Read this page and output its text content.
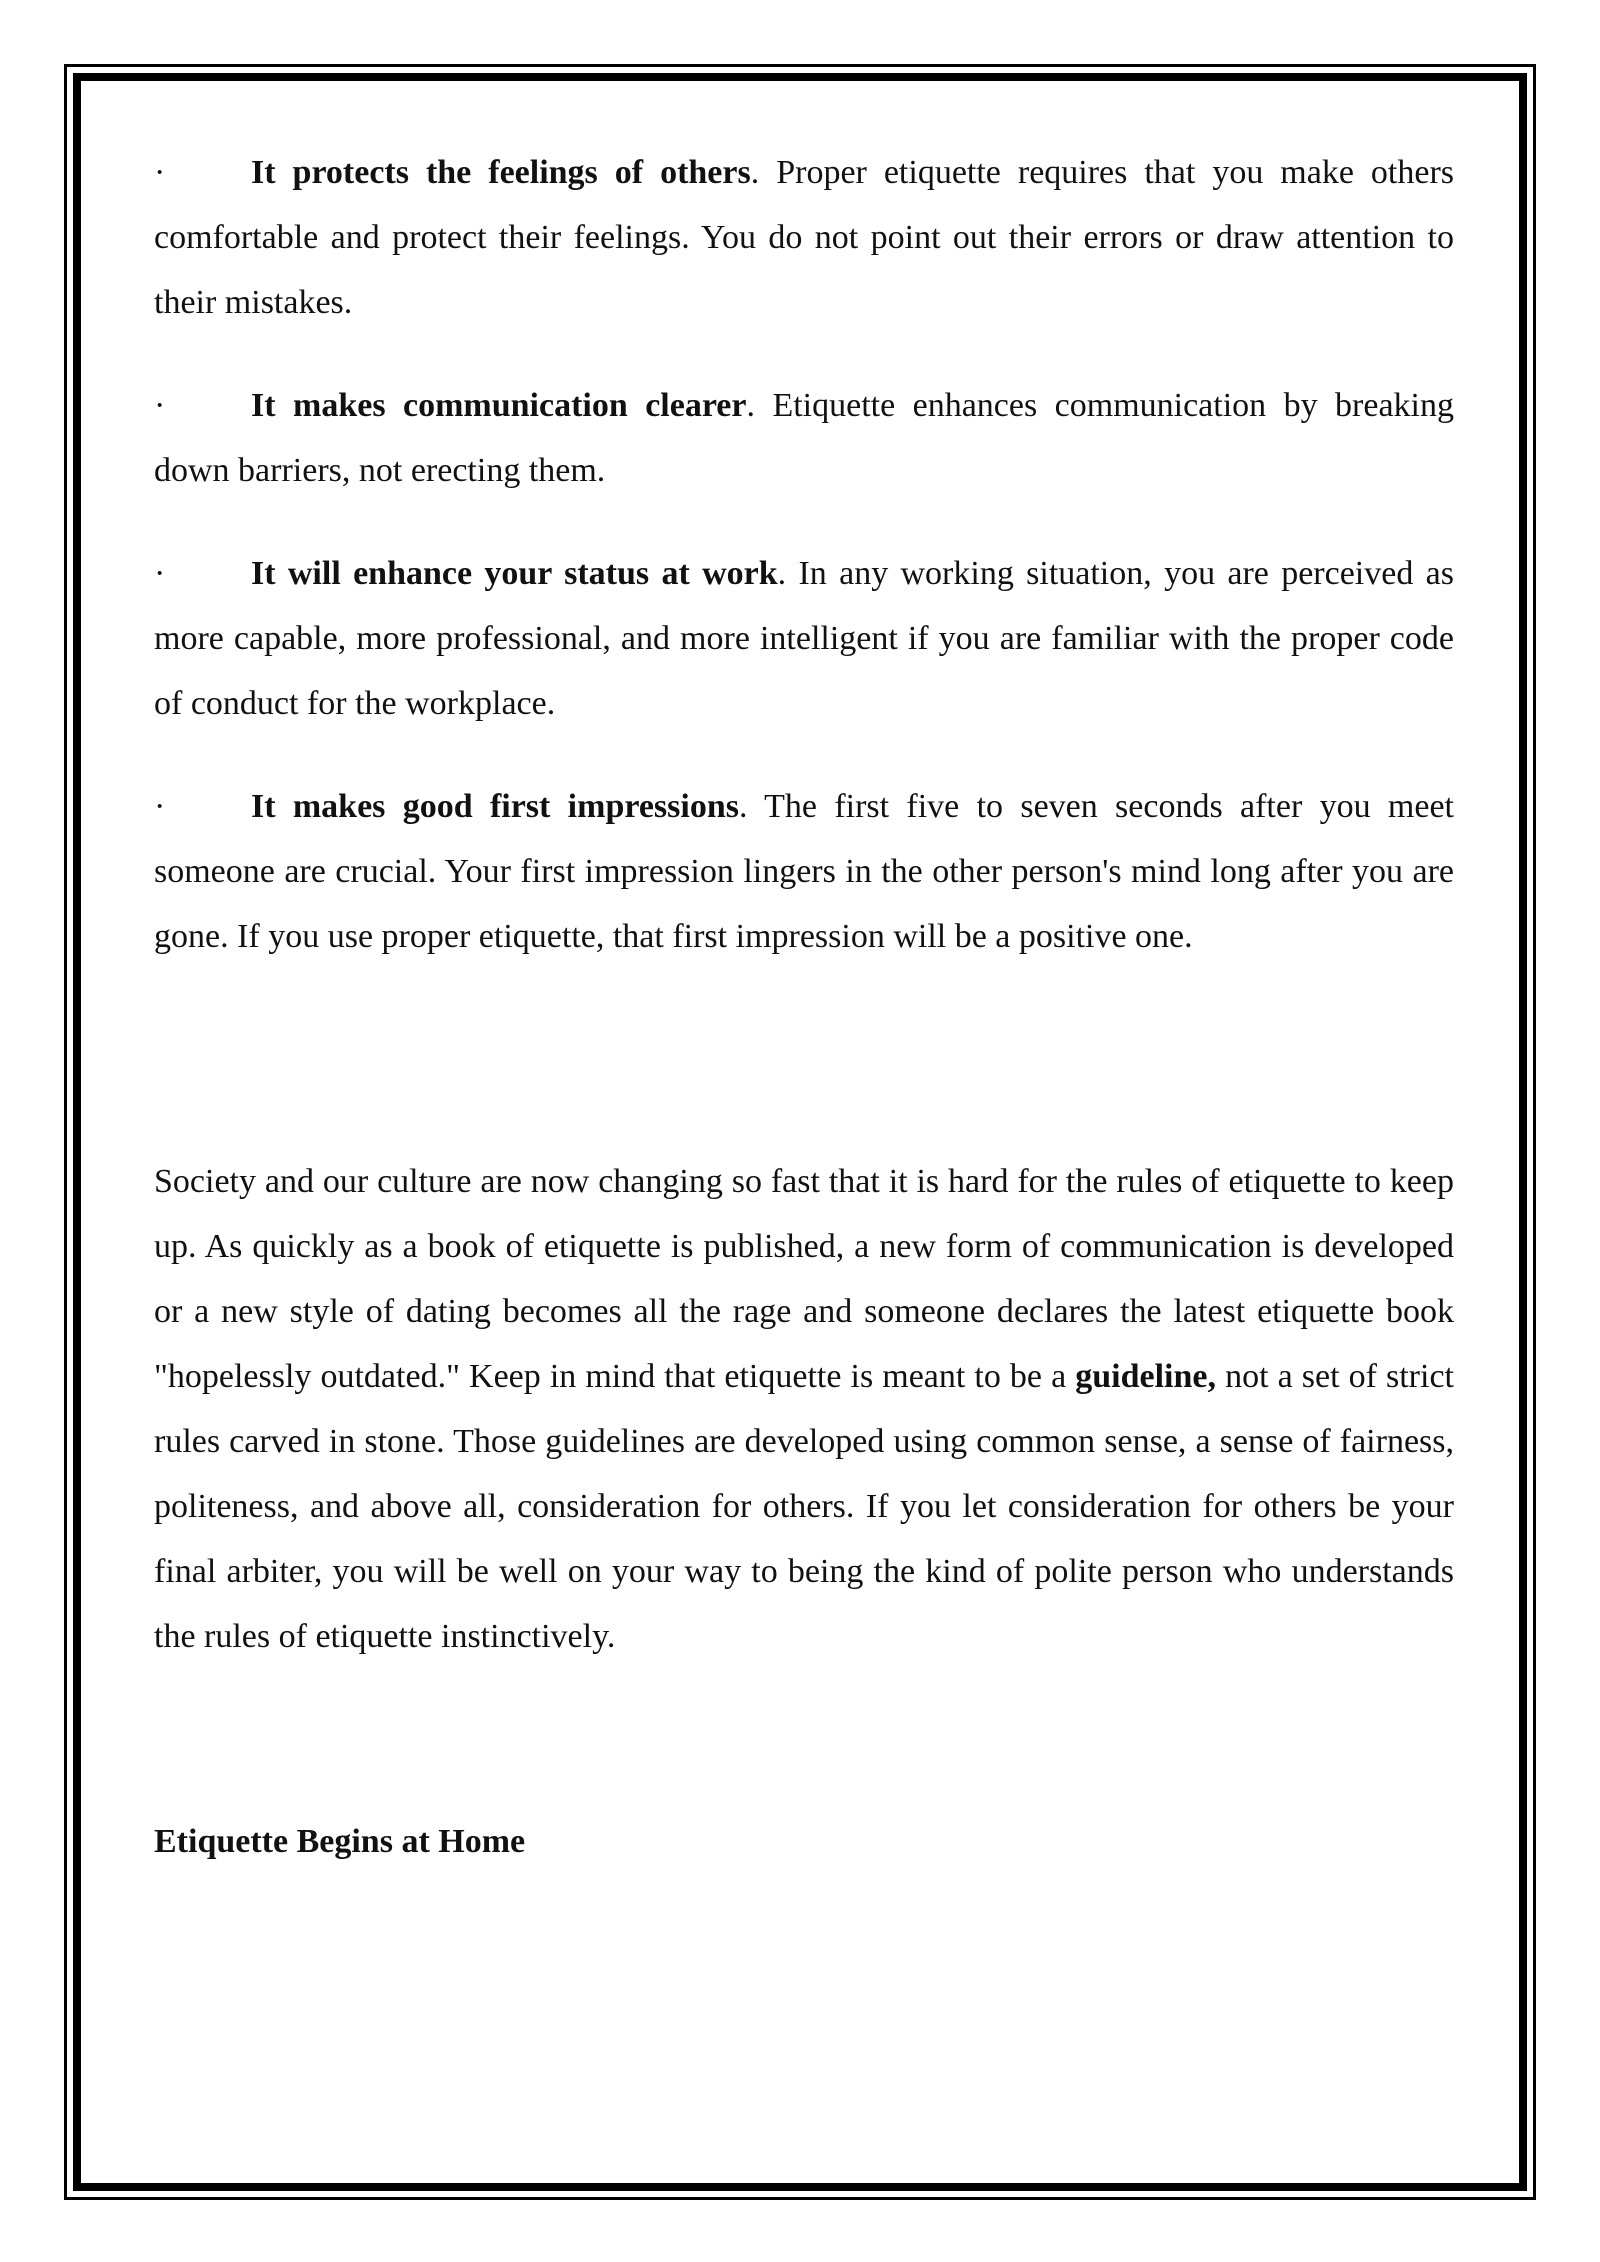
·	It protects the feelings of others. Proper etiquette requires that you make others comfortable and protect their feelings. You do not point out their errors or draw attention to their mistakes.

·	It makes communication clearer. Etiquette enhances communication by breaking down barriers, not erecting them.

·	It will enhance your status at work. In any working situation, you are perceived as more capable, more professional, and more intelligent if you are familiar with the proper code of conduct for the workplace.

·	It makes good first impressions. The first five to seven seconds after you meet someone are crucial. Your first impression lingers in the other person's mind long after you are gone. If you use proper etiquette, that first impression will be a positive one.

Society and our culture are now changing so fast that it is hard for the rules of etiquette to keep up. As quickly as a book of etiquette is published, a new form of communication is developed or a new style of dating becomes all the rage and someone declares the latest etiquette book "hopelessly outdated." Keep in mind that etiquette is meant to be a guideline, not a set of strict rules carved in stone. Those guidelines are developed using common sense, a sense of fairness, politeness, and above all, consideration for others. If you let consideration for others be your final arbiter, you will be well on your way to being the kind of polite person who understands the rules of etiquette instinctively.

Etiquette Begins at Home
